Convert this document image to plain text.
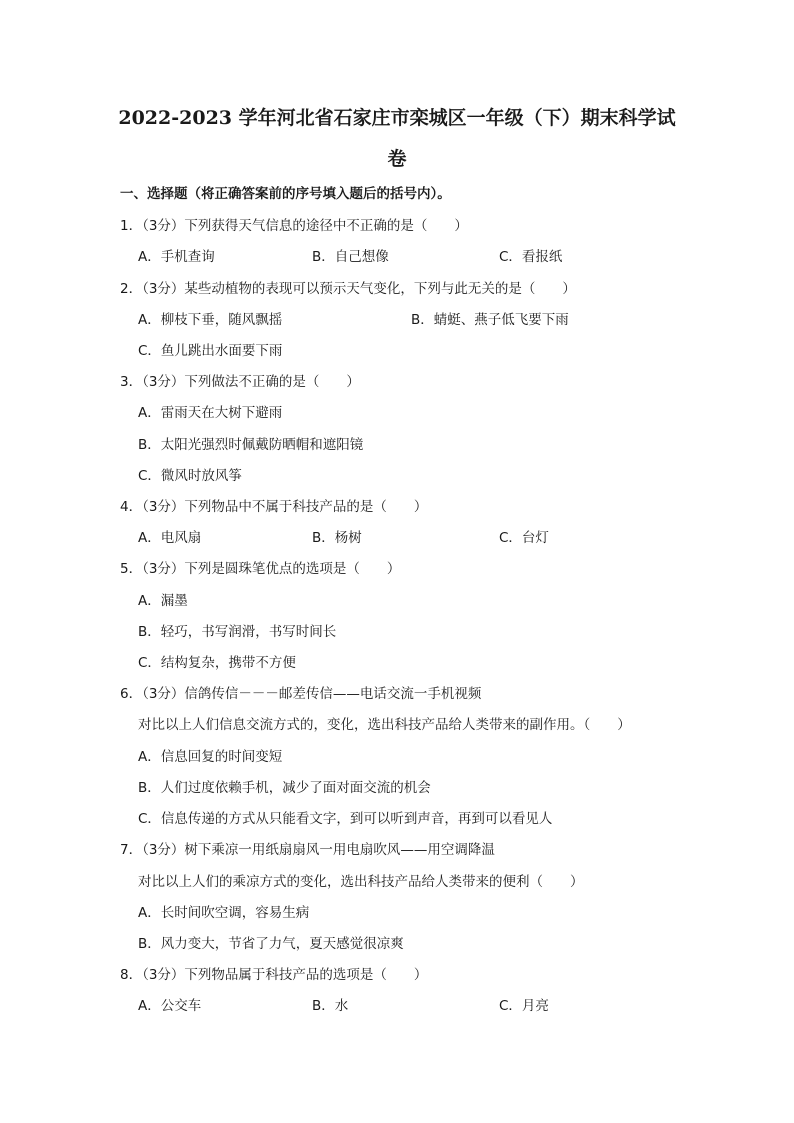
2022-2023 学年河北省石家庄市栾城区一年级（下）期末科学试
卷
一、选择题（将正确答案前的序号填入题后的括号内）。
1．（3分）下列获得天气信息的途径中不正确的是（　　）
A．手机查询	B．自己想像	C．看报纸
2．（3分）某些动植物的表现可以预示天气变化，下列与此无关的是（　　）
A．柳枝下垂，随风飘摇	B．蜻蜓、燕子低飞要下雨
C．鱼儿跳出水面要下雨
3．（3分）下列做法不正确的是（　　）
A．雷雨天在大树下避雨
B．太阳光强烈时佩戴防晒帽和遮阳镜
C．微风时放风筝
4．（3分）下列物品中不属于科技产品的是（　　）
A．电风扇	B．杨树	C．台灯
5．（3分）下列是圆珠笔优点的选项是（　　）
A．漏墨
B．轻巧，书写润滑，书写时间长
C．结构复杂，携带不方便
6．（3分）信鸽传信－－－邮差传信——电话交流一手机视频
对比以上人们信息交流方式的，变化，选出科技产品给人类带来的副作用。（　　）
A．信息回复的时间变短
B．人们过度依赖手机，减少了面对面交流的机会
C．信息传递的方式从只能看文字，到可以听到声音，再到可以看见人
7．（3分）树下乘凉一用纸扇扇风一用电扇吹风——用空调降温
对比以上人们的乘凉方式的变化，选出科技产品给人类带来的便利（　　）
A．长时间吹空调，容易生病
B．风力变大，节省了力气，夏天感觉很凉爽
8．（3分）下列物品属于科技产品的选项是（　　）
A．公交车	B．水	C．月亮
